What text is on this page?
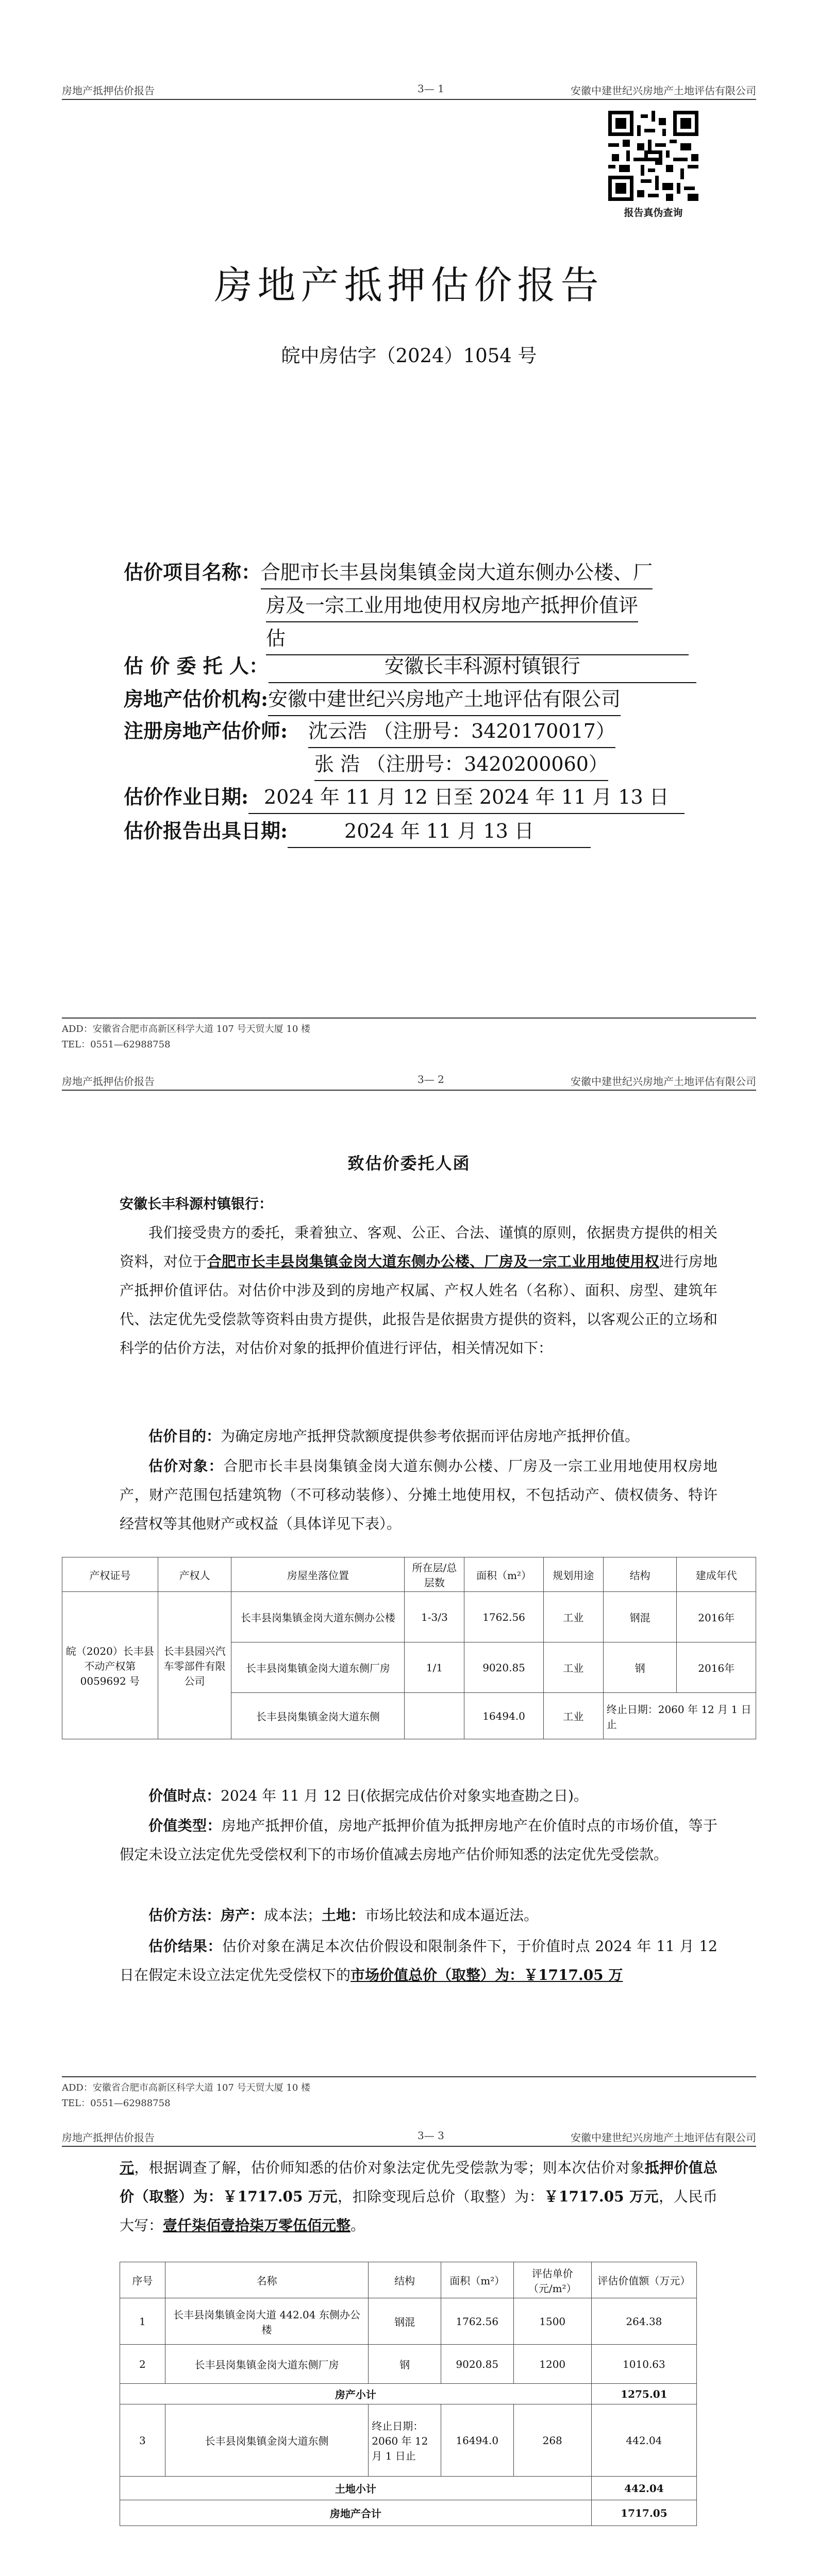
房地产抵押估价报告	3— 1	安徽中建世纪兴房地产土地评估有限公司
报告真伪查询
房地产抵押估价报告
皖中房估字（2024）1054 号
估价项目名称：合肥市长丰县岗集镇金岗大道东侧办公楼、厂
房及一宗工业用地使用权房地产抵押价值评
估
估 价 委 托 人：	安徽长丰科源村镇银行
房地产估价机构:安徽中建世纪兴房地产土地评估有限公司
注册房地产估价师: 沈云浩 （注册号：3420170017）
张 浩 （注册号：3420200060）
估价作业日期: 2024 年 11 月 12 日至 2024 年 11 月 13 日
估价报告出具日期:	2024 年 11 月 13 日
ADD：安徽省合肥市高新区科学大道 107 号天贸大厦 10 楼
TEL：0551—62988758
房地产抵押估价报告	3— 2	安徽中建世纪兴房地产土地评估有限公司
致估价委托人函
安徽长丰科源村镇银行：
我们接受贵方的委托，秉着独立、客观、公正、合法、谨慎的原则，依据贵方提供的相关资料，对位于合肥市长丰县岗集镇金岗大道东侧办公楼、厂房及一宗工业用地使用权进行房地产抵押价值评估。对估价中涉及到的房地产权属、产权人姓名（名称）、面积、房型、建筑年代、法定优先受偿款等资料由贵方提供，此报告是依据贵方提供的资料，以客观公正的立场和科学的估价方法，对估价对象的抵押价值进行评估，相关情况如下：
估价目的：为确定房地产抵押贷款额度提供参考依据而评估房地产抵押价值。
估价对象：合肥市长丰县岗集镇金岗大道东侧办公楼、厂房及一宗工业用地使用权房地产，财产范围包括建筑物（不可移动装修）、分摊土地使用权，不包括动产、债权债务、特许经营权等其他财产或权益（具体详见下表）。
产权证号	产权人	房屋坐落位置	所在层/总层数	面积（m²）	规划用途	结构	建成年代
皖（2020）长丰县不动产权第 0059692 号	长丰县园兴汽车零部件有限公司	长丰县岗集镇金岗大道东侧办公楼	1-3/3	1762.56	工业	钢混	2016年
		长丰县岗集镇金岗大道东侧厂房	1/1	9020.85	工业	钢	2016年
		长丰县岗集镇金岗大道东侧		16494.0	工业	终止日期：2060 年 12 月 1 日止	
价值时点：2024 年 11 月 12 日(依据完成估价对象实地查勘之日)。
价值类型：房地产抵押价值，房地产抵押价值为抵押房地产在价值时点的市场价值，等于假定未设立法定优先受偿权利下的市场价值减去房地产估价师知悉的法定优先受偿款。
估价方法：房产：成本法；土地：市场比较法和成本逼近法。
估价结果：估价对象在满足本次估价假设和限制条件下，于价值时点 2024 年 11 月 12 日在假定未设立法定优先受偿权下的市场价值总价（取整）为：￥1717.05 万
ADD：安徽省合肥市高新区科学大道 107 号天贸大厦 10 楼
TEL：0551—62988758
房地产抵押估价报告	3— 3	安徽中建世纪兴房地产土地评估有限公司
元，根据调查了解，估价师知悉的估价对象法定优先受偿款为零；则本次估价对象抵押价值总价（取整）为：￥1717.05 万元，扣除变现后总价（取整）为：￥1717.05 万元，人民币大写：壹仟柒佰壹拾柒万零伍佰元整。
序号	名称	结构	面积（m²）	评估单价（元/m²）	评估价值额（万元）
1	长丰县岗集镇金岗大道 442.04 东侧办公楼	钢混	1762.56	1500	264.38
2	长丰县岗集镇金岗大道东侧厂房	钢	9020.85	1200	1010.63
房产小计					1275.01
3	长丰县岗集镇金岗大道东侧	终止日期：2060 年 12 月 1 日止	16494.0	268	442.04
土地小计					442.04
房地产合计					1717.05
